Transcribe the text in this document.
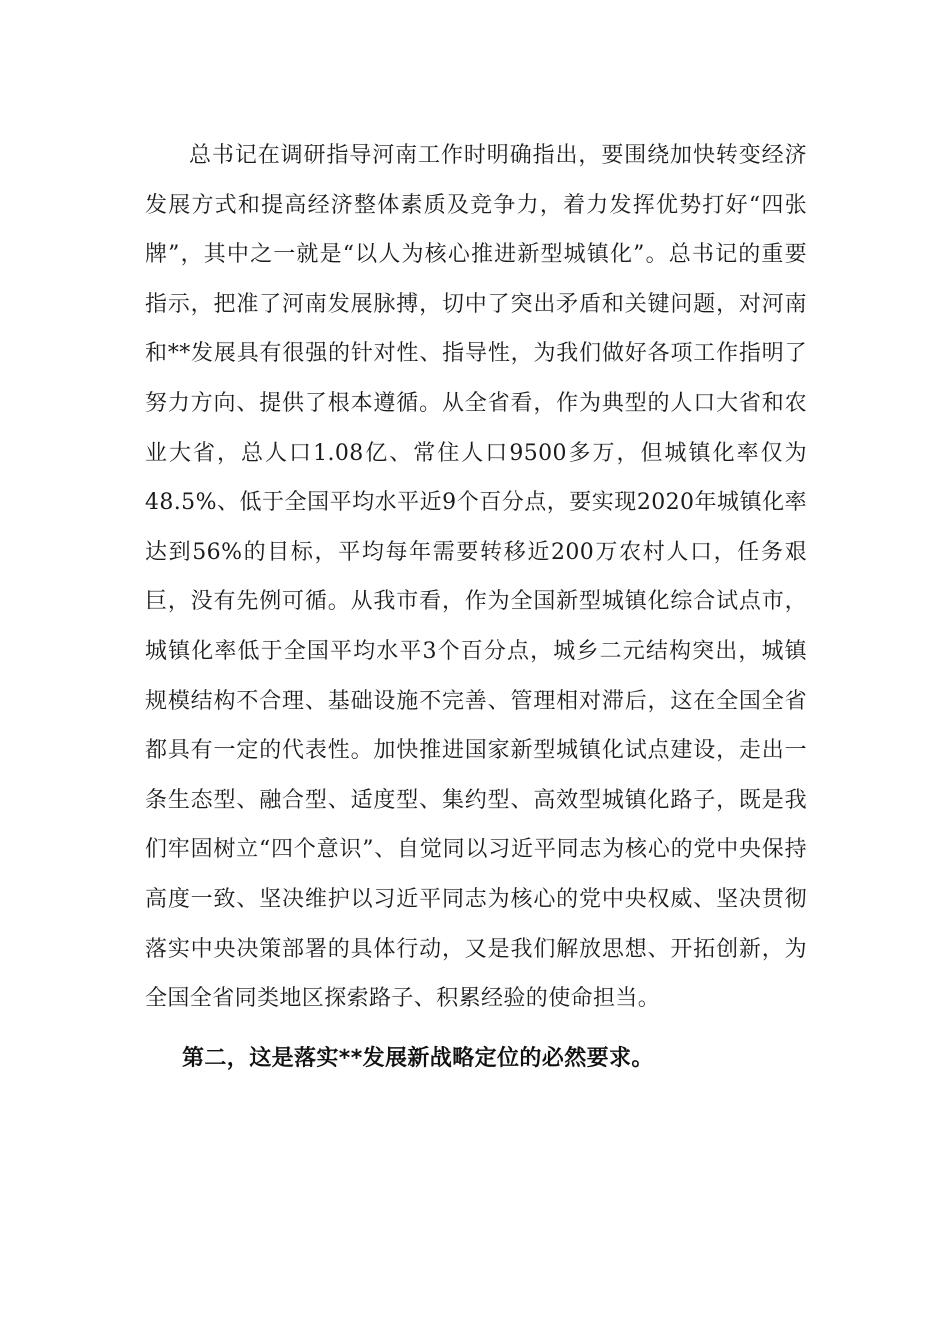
总书记在调研指导河南工作时明确指出，要围绕加快转变经济发展方式和提高经济整体素质及竞争力，着力发挥优势打好“四张牌”，其中之一就是“以人为核心推进新型城镇化”。总书记的重要指示，把准了河南发展脉搏，切中了突出矛盾和关键问题，对河南和**发展具有很强的针对性、指导性，为我们做好各项工作指明了努力方向、提供了根本遵循。从全省看，作为典型的人口大省和农业大省，总人口1.08亿、常住人口9500多万，但城镇化率仅为48.5%、低于全国平均水平近9个百分点，要实现2020年城镇化率达到56%的目标，平均每年需要转移近200万农村人口，任务艰巨，没有先例可循。从我市看，作为全国新型城镇化综合试点市，城镇化率低于全国平均水平3个百分点，城乡二元结构突出，城镇规模结构不合理、基础设施不完善、管理相对滞后，这在全国全省都具有一定的代表性。加快推进国家新型城镇化试点建设，走出一条生态型、融合型、适度型、集约型、高效型城镇化路子，既是我们牢固树立“四个意识”、自觉同以习近平同志为核心的党中央保持高度一致、坚决维护以习近平同志为核心的党中央权威、坚决贯彻落实中央决策部署的具体行动，又是我们解放思想、开拓创新，为全国全省同类地区探索路子、积累经验的使命担当。

第二，这是落实**发展新战略定位的必然要求。
